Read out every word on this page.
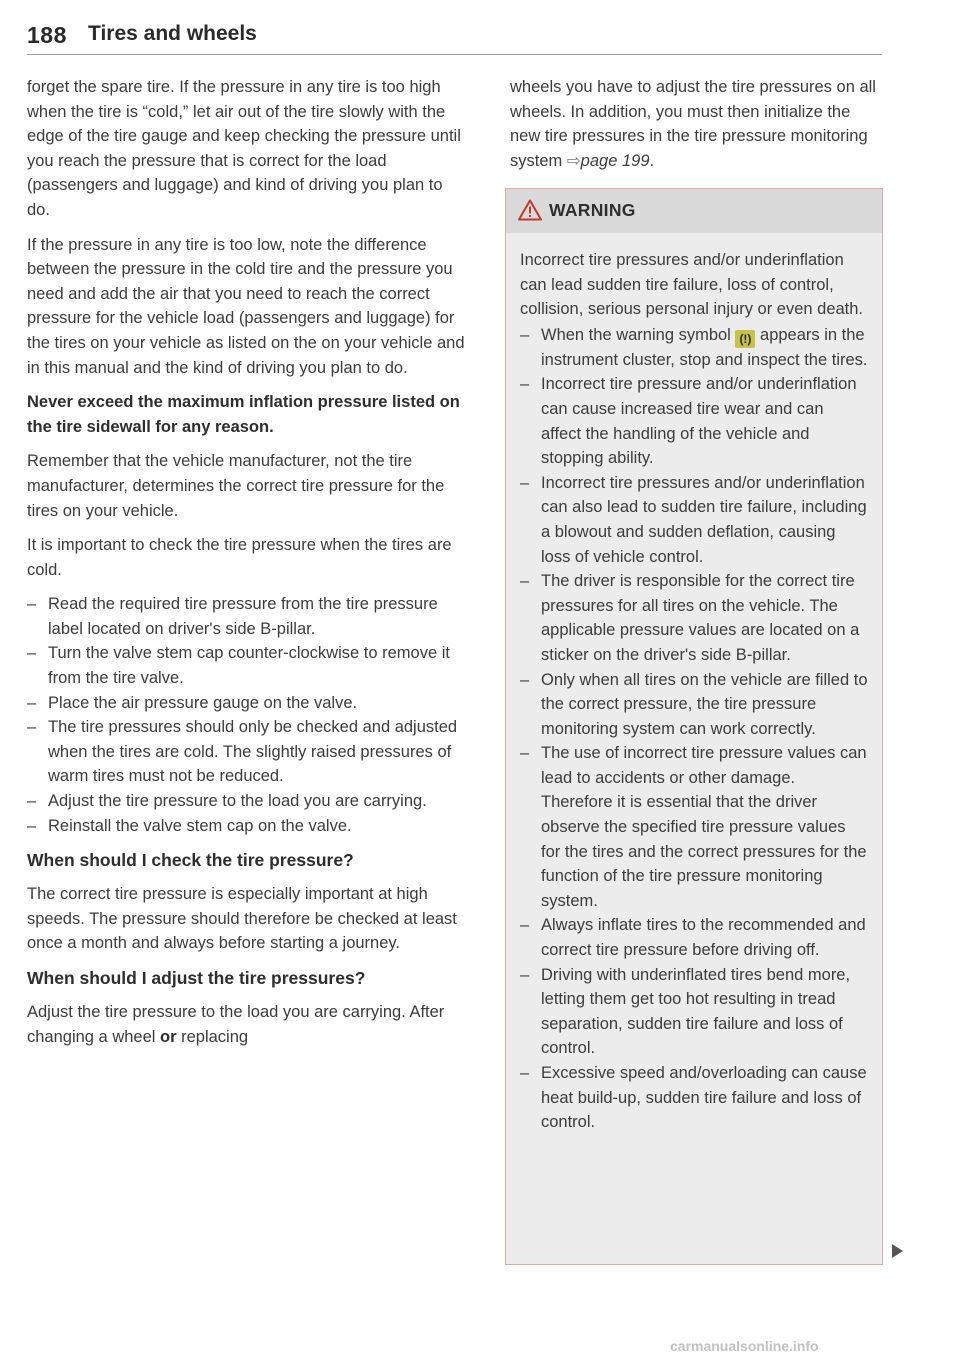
188 Tires and wheels

forget the spare tire. If the pressure in any tire is too high when the tire is “cold,” let air out of the tire slowly with the edge of the tire gauge and keep checking the pressure until you reach the pressure that is correct for the load (passengers and luggage) and kind of driving you plan to do.

If the pressure in any tire is too low, note the difference between the pressure in the cold tire and the pressure you need and add the air that you need to reach the correct pressure for the vehicle load (passengers and luggage) for the tires on your vehicle as listed on the on your vehicle and in this manual and the kind of driving you plan to do.

Never exceed the maximum inflation pressure listed on the tire sidewall for any reason.

Remember that the vehicle manufacturer, not the tire manufacturer, determines the correct tire pressure for the tires on your vehicle.

It is important to check the tire pressure when the tires are cold.

– Read the required tire pressure from the tire pressure label located on driver's side B-pillar.
– Turn the valve stem cap counter-clockwise to remove it from the tire valve.
– Place the air pressure gauge on the valve.
– The tire pressures should only be checked and adjusted when the tires are cold. The slightly raised pressures of warm tires must not be reduced.
– Adjust the tire pressure to the load you are carrying.
– Reinstall the valve stem cap on the valve.
When should I check the tire pressure?

The correct tire pressure is especially important at high speeds. The pressure should therefore be checked at least once a month and always before starting a journey.

When should I adjust the tire pressures?

Adjust the tire pressure to the load you are carrying. After changing a wheel or replacing

wheels you have to adjust the tire pressures on all wheels. In addition, you must then initialize the new tire pressures in the tire pressure monitoring system ⇨page 199.

WARNING

Incorrect tire pressures and/or underinflation can lead sudden tire failure, loss of control, collision, serious personal injury or even death.

– When the warning symbol (!) appears in the instrument cluster, stop and inspect the tires.
– Incorrect tire pressure and/or underinflation can cause increased tire wear and can affect the handling of the vehicle and stopping ability.
– Incorrect tire pressures and/or underinflation can also lead to sudden tire failure, including a blowout and sudden deflation, causing loss of vehicle control.
– The driver is responsible for the correct tire pressures for all tires on the vehicle. The applicable pressure values are located on a sticker on the driver's side B-pillar.
– Only when all tires on the vehicle are filled to the correct pressure, the tire pressure monitoring system can work correctly.
– The use of incorrect tire pressure values can lead to accidents or other damage. Therefore it is essential that the driver observe the specified tire pressure values for the tires and the correct pressures for the function of the tire pressure monitoring system.
– Always inflate tires to the recommended and correct tire pressure before driving off.
– Driving with underinflated tires bend more, letting them get too hot resulting in tread separation, sudden tire failure and loss of control.
– Excessive speed and/overloading can cause heat build-up, sudden tire failure and loss of control.
carmanualsonline.info
